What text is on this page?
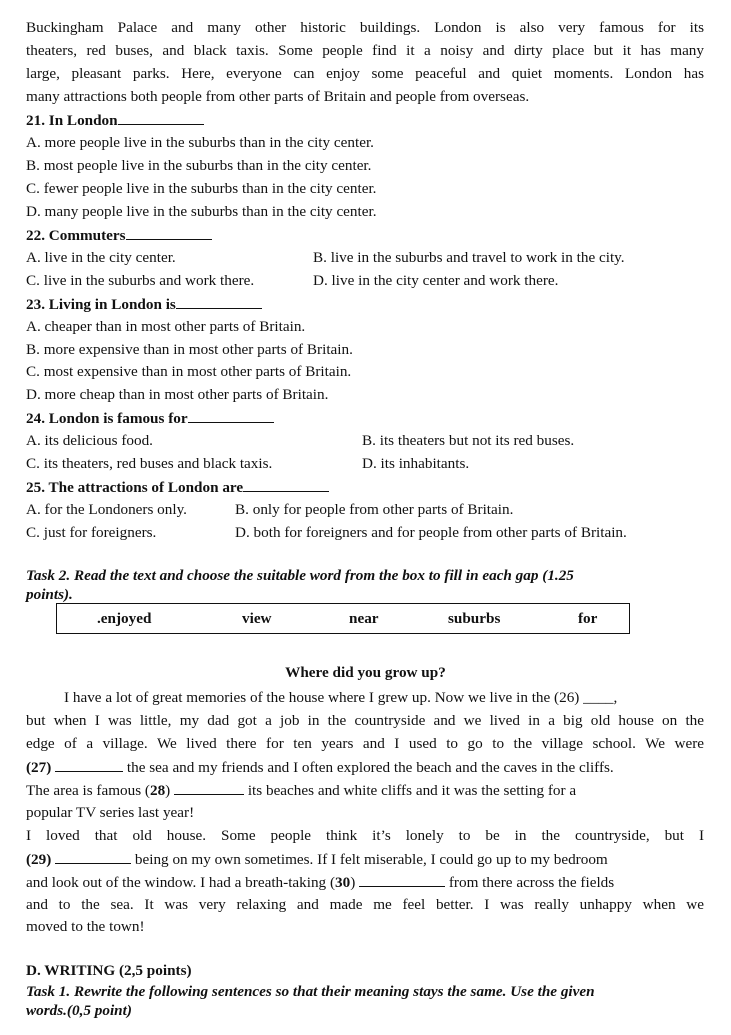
Buckingham Palace and many other historic buildings. London is also very famous for its
theaters, red buses, and black taxis. Some people find it a noisy and dirty place but it has many
large, pleasant parks. Here, everyone can enjoy some peaceful and quiet moments. London has
many attractions both people from other parts of Britain and people from overseas.
21. In London
A. more people live in the suburbs than in the city center.
B. most people live in the suburbs than in the city center.
C. fewer people live in the suburbs than in the city center.
D. many people live in the suburbs than in the city center.
22. Commuters
A. live in the city center.	B. live in the suburbs and travel to work in the city.
C. live in the suburbs and work there.	D. live in the city center and work there.
23. Living in London is
A. cheaper than in most other parts of Britain.
B. more expensive than in most other parts of Britain.
C. most expensive than in most other parts of Britain.
D. more cheap than in most other parts of Britain.
24. London is famous for
A. its delicious food.	B. its theaters but not its red buses.
C. its theaters, red buses and black taxis.	D. its inhabitants.
25. The attractions of London are
A. for the Londoners only.	B. only for people from other parts of Britain.
C. just for foreigners.	D. both for foreigners and for people from other parts of Britain.
Task 2. Read the text and choose the suitable word from the box to fill in each gap (1.25
points).
.enjoyed	view	near	suburbs	for
Where did you grow up?
I have a lot of great memories of the house where I grew up. Now we live in the (26) ____,
but when I was little, my dad got a job in the countryside and we lived in a big old house on the
edge of a village. We lived there for ten years and I used to go to the village school. We were
(27)	the sea and my friends and I often explored the beach and the caves in the cliffs.
The area is famous (28)	its beaches and white cliffs and it was the setting for a
popular TV series last year!
I loved that old house. Some people think it’s lonely to be in the countryside, but I
(29)	being on my own sometimes. If I felt miserable, I could go up to my bedroom
and look out of the window. I had a breath-taking (30)	from there across the fields
and to the sea. It was very relaxing and made me feel better. I was really unhappy when we
moved to the town!
D. WRITING (2,5 points)
Task 1. Rewrite the following sentences so that their meaning stays the same. Use the given
words.(0,5 point)
